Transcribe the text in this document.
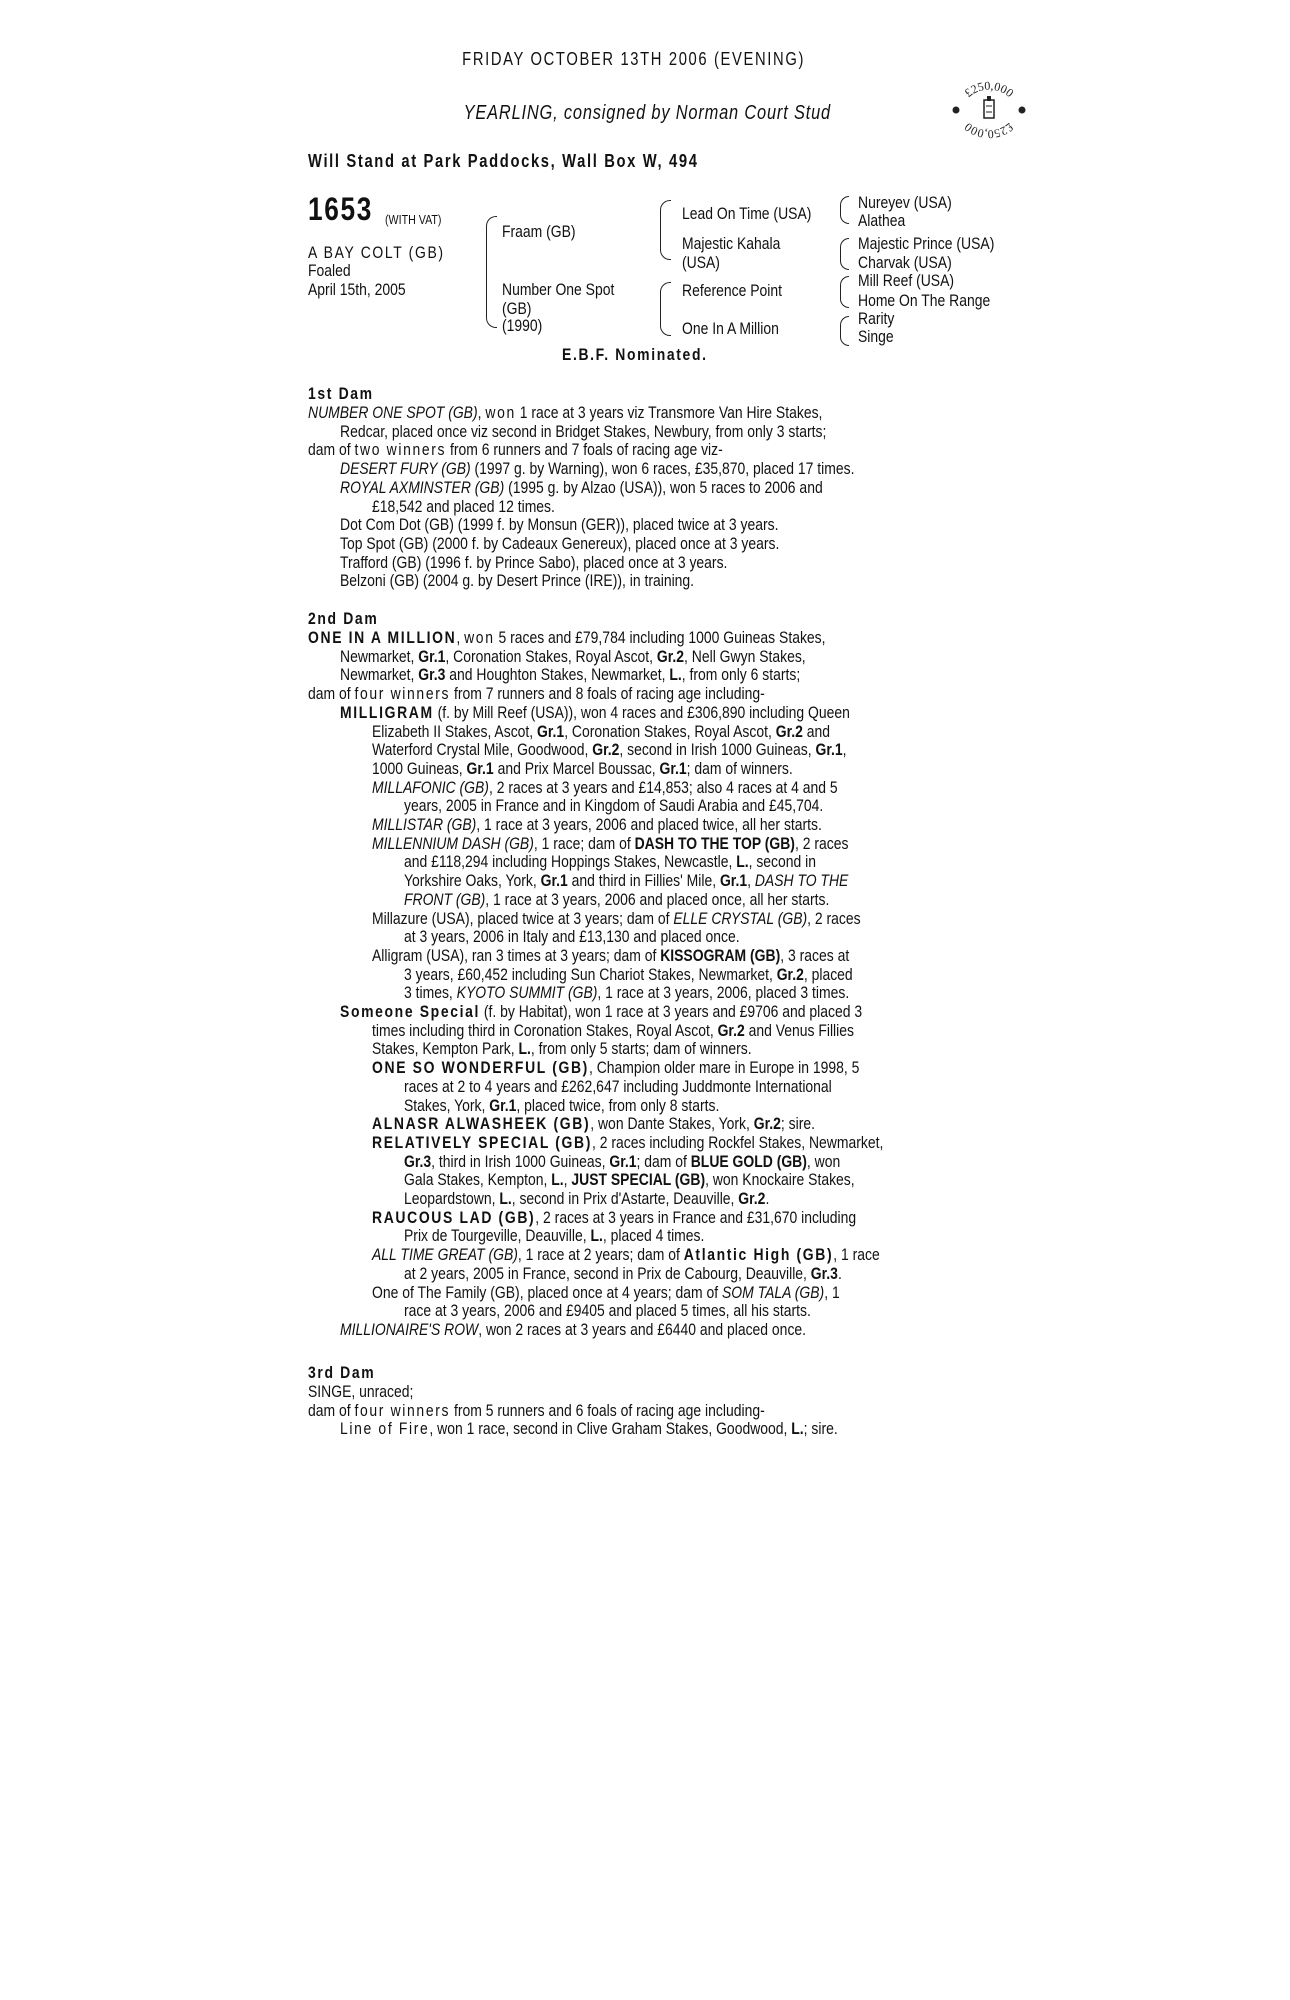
FRIDAY OCTOBER 13TH 2006 (EVENING)
YEARLING, consigned by Norman Court Stud
Will Stand at Park Paddocks, Wall Box W, 494
£250,000
£250,000
1653 (WITH VAT)
A BAY COLT (GB)
Foaled
April 15th, 2005
Fraam (GB)
Number One Spot
(GB)
(1990)
Lead On Time (USA)
Majestic Kahala
(USA)
Reference Point
One In A Million
Nureyev (USA)
Alathea
Majestic Prince (USA)
Charvak (USA)
Mill Reef (USA)
Home On The Range
Rarity
Singe
E.B.F. Nominated.
1st Dam
NUMBER ONE SPOT (GB), won 1 race at 3 years viz Transmore Van Hire Stakes,
Redcar, placed once viz second in Bridget Stakes, Newbury, from only 3 starts;
dam of two winners from 6 runners and 7 foals of racing age viz-
DESERT FURY (GB) (1997 g. by Warning), won 6 races, £35,870, placed 17 times.
ROYAL AXMINSTER (GB) (1995 g. by Alzao (USA)), won 5 races to 2006 and
£18,542 and placed 12 times.
Dot Com Dot (GB) (1999 f. by Monsun (GER)), placed twice at 3 years.
Top Spot (GB) (2000 f. by Cadeaux Genereux), placed once at 3 years.
Trafford (GB) (1996 f. by Prince Sabo), placed once at 3 years.
Belzoni (GB) (2004 g. by Desert Prince (IRE)), in training.
2nd Dam
ONE IN A MILLION, won 5 races and £79,784 including 1000 Guineas Stakes,
Newmarket, Gr.1, Coronation Stakes, Royal Ascot, Gr.2, Nell Gwyn Stakes,
Newmarket, Gr.3 and Houghton Stakes, Newmarket, L., from only 6 starts;
dam of four winners from 7 runners and 8 foals of racing age including-
MILLIGRAM (f. by Mill Reef (USA)), won 4 races and £306,890 including Queen
Elizabeth II Stakes, Ascot, Gr.1, Coronation Stakes, Royal Ascot, Gr.2 and
Waterford Crystal Mile, Goodwood, Gr.2, second in Irish 1000 Guineas, Gr.1,
1000 Guineas, Gr.1 and Prix Marcel Boussac, Gr.1; dam of winners.
MILLAFONIC (GB), 2 races at 3 years and £14,853; also 4 races at 4 and 5
years, 2005 in France and in Kingdom of Saudi Arabia and £45,704.
MILLISTAR (GB), 1 race at 3 years, 2006 and placed twice, all her starts.
MILLENNIUM DASH (GB), 1 race; dam of DASH TO THE TOP (GB), 2 races
and £118,294 including Hoppings Stakes, Newcastle, L., second in
Yorkshire Oaks, York, Gr.1 and third in Fillies' Mile, Gr.1, DASH TO THE
FRONT (GB), 1 race at 3 years, 2006 and placed once, all her starts.
Millazure (USA), placed twice at 3 years; dam of ELLE CRYSTAL (GB), 2 races
at 3 years, 2006 in Italy and £13,130 and placed once.
Alligram (USA), ran 3 times at 3 years; dam of KISSOGRAM (GB), 3 races at
3 years, £60,452 including Sun Chariot Stakes, Newmarket, Gr.2, placed
3 times, KYOTO SUMMIT (GB), 1 race at 3 years, 2006, placed 3 times.
Someone Special (f. by Habitat), won 1 race at 3 years and £9706 and placed 3
times including third in Coronation Stakes, Royal Ascot, Gr.2 and Venus Fillies
Stakes, Kempton Park, L., from only 5 starts; dam of winners.
ONE SO WONDERFUL (GB), Champion older mare in Europe in 1998, 5
races at 2 to 4 years and £262,647 including Juddmonte International
Stakes, York, Gr.1, placed twice, from only 8 starts.
ALNASR ALWASHEEK (GB), won Dante Stakes, York, Gr.2; sire.
RELATIVELY SPECIAL (GB), 2 races including Rockfel Stakes, Newmarket,
Gr.3, third in Irish 1000 Guineas, Gr.1; dam of BLUE GOLD (GB), won
Gala Stakes, Kempton, L., JUST SPECIAL (GB), won Knockaire Stakes,
Leopardstown, L., second in Prix d'Astarte, Deauville, Gr.2.
RAUCOUS LAD (GB), 2 races at 3 years in France and £31,670 including
Prix de Tourgeville, Deauville, L., placed 4 times.
ALL TIME GREAT (GB), 1 race at 2 years; dam of Atlantic High (GB), 1 race
at 2 years, 2005 in France, second in Prix de Cabourg, Deauville, Gr.3.
One of The Family (GB), placed once at 4 years; dam of SOM TALA (GB), 1
race at 3 years, 2006 and £9405 and placed 5 times, all his starts.
MILLIONAIRE'S ROW, won 2 races at 3 years and £6440 and placed once.
3rd Dam
SINGE, unraced;
dam of four winners from 5 runners and 6 foals of racing age including-
Line of Fire, won 1 race, second in Clive Graham Stakes, Goodwood, L.; sire.
